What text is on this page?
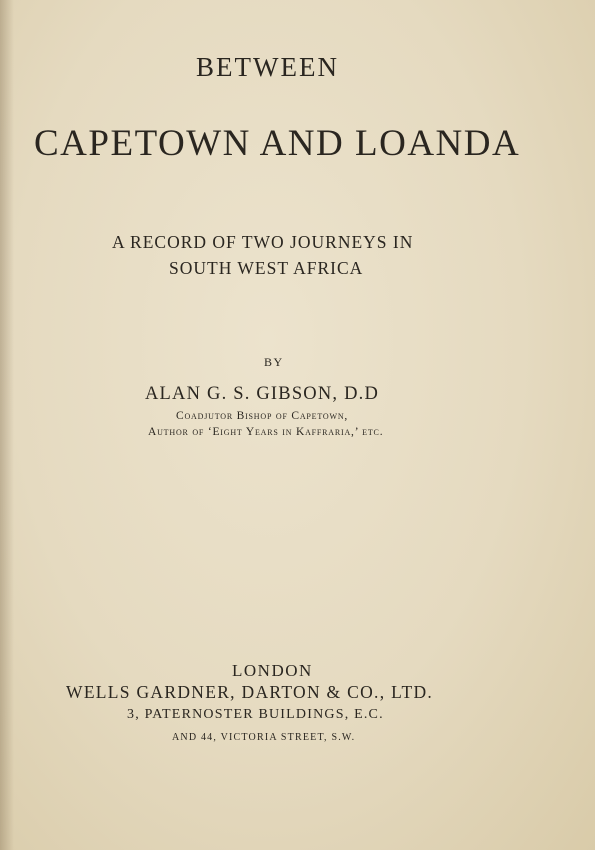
BETWEEN
CAPETOWN AND LOANDA
A RECORD OF TWO JOURNEYS IN
SOUTH WEST AFRICA
BY
ALAN G. S. GIBSON, D.D
Coadjutor Bishop of Capetown,
Author of ‘Eight Years in Kaffraria,’ etc.
LONDON
WELLS GARDNER, DARTON & CO., LTD.
3, PATERNOSTER BUILDINGS, E.C.
AND 44, VICTORIA STREET, S.W.
